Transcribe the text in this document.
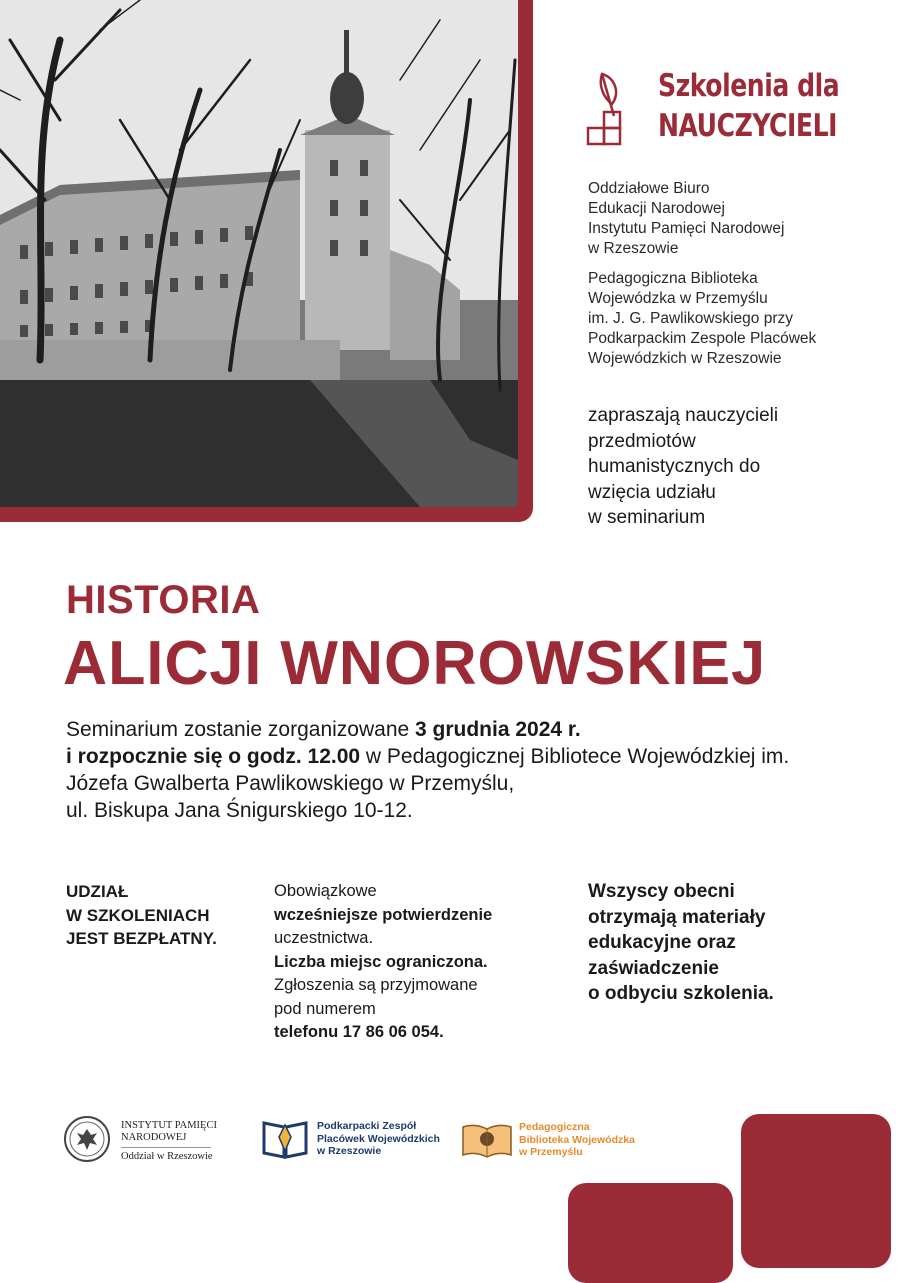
Szkolenia dla
NAUCZYCIELI
Oddziałowe Biuro
Edukacji Narodowej
Instytutu Pamięci Narodowej
w Rzeszowie
Pedagogiczna Biblioteka
Wojewódzka w Przemyślu
im. J. G. Pawlikowskiego przy
Podkarpackim Zespole Placówek
Wojewódzkich w Rzeszowie
zapraszają nauczycieli
przedmiotów
humanistycznych do
wzięcia udziału
w seminarium
HISTORIA
ALICJI WNOROWSKIEJ
Seminarium zostanie zorganizowane 3 grudnia 2024 r.
i rozpocznie się o godz. 12.00 w Pedagogicznej Bibliotece Wojewódzkiej im. Józefa Gwalberta Pawlikowskiego w Przemyślu,
ul. Biskupa Jana Śnigurskiego 10-12.
UDZIAŁ
W SZKOLENIACH
JEST BEZPŁATNY.
Obowiązkowe
wcześniejsze potwierdzenie
uczestnictwa.
Liczba miejsc ograniczona.
Zgłoszenia są przyjmowane
pod numerem
telefonu 17 86 06 054.
Wszyscy obecni
otrzymają materiały
edukacyjne oraz
zaświadczenie
o odbyciu szkolenia.
INSTYTUT PAMIĘCI
NARODOWEJ
Oddział w Rzeszowie
Podkarpacki Zespół
Placówek Wojewódzkich
w Rzeszowie
Pedagogiczna
Biblioteka Wojewódzka
w Przemyślu
